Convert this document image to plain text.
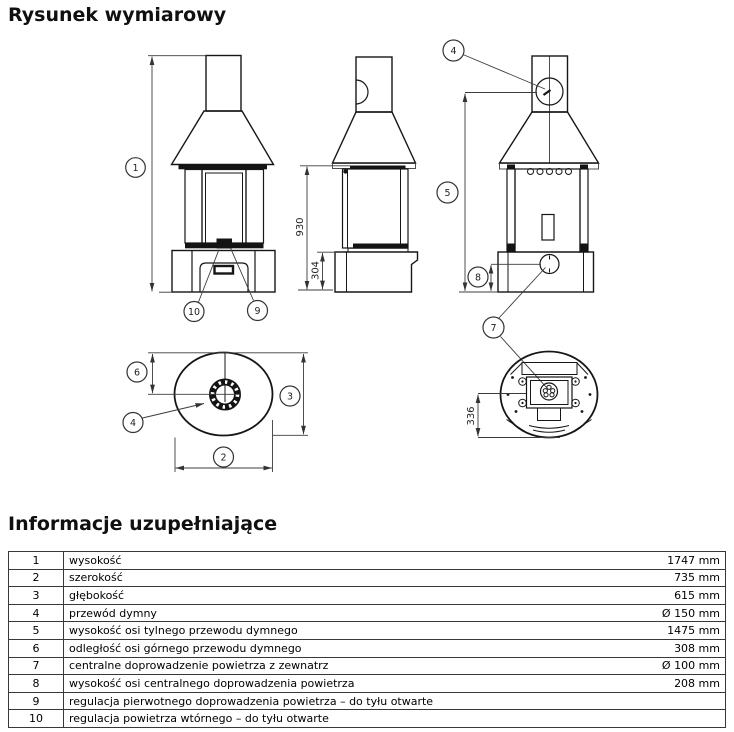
Rysunek wymiarowy
1
10	9
930
304
4
5
8
7
6
3
2
4	336
Informacje uzupełniające
1	wysokość	1747 mm
2	szerokość	735 mm
3	głębokość	615 mm
4	przewód dymny	Ø 150 mm
5	wysokość osi tylnego przewodu dymnego	1475 mm
6	odległość osi górnego przewodu dymnego	308 mm
7	centralne doprowadzenie powietrza z zewnatrz	Ø 100 mm
8	wysokość osi centralnego doprowadzenia powietrza	208 mm
9	regulacja pierwotnego doprowadzenia powietrza – do tyłu otwarte	
10	regulacja powietrza wtórnego – do tyłu otwarte	
